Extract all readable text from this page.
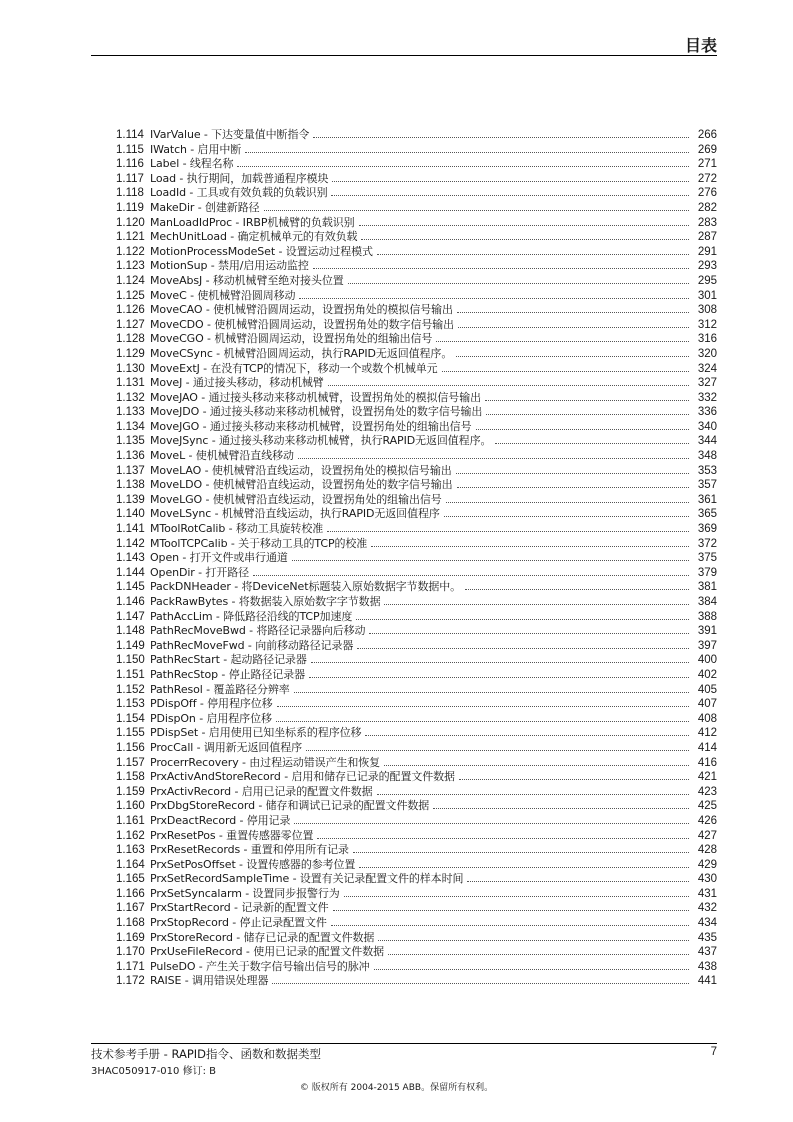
目表
1.114 IVarValue - 下达变量值中断指令	266
1.115 IWatch - 启用中断	269
1.116 Label - 线程名称	271
1.117 Load - 执行期间，加载普通程序模块	272
1.118 LoadId - 工具或有效负载的负载识别	276
1.119 MakeDir - 创建新路径	282
1.120 ManLoadIdProc - IRBP机械臂的负载识别	283
1.121 MechUnitLoad - 确定机械单元的有效负载	287
1.122 MotionProcessModeSet - 设置运动过程模式	291
1.123 MotionSup - 禁用/启用运动监控	293
1.124 MoveAbsJ - 移动机械臂至绝对接头位置	295
1.125 MoveC - 使机械臂沿圆周移动	301
1.126 MoveCAO - 使机械臂沿圆周运动，设置拐角处的模拟信号输出	308
1.127 MoveCDO - 使机械臂沿圆周运动，设置拐角处的数字信号输出	312
1.128 MoveCGO - 机械臂沿圆周运动，设置拐角处的组输出信号	316
1.129 MoveCSync - 机械臂沿圆周运动，执行RAPID无返回值程序。	320
1.130 MoveExtJ - 在没有TCP的情况下，移动一个或数个机械单元	324
1.131 MoveJ - 通过接头移动，移动机械臂	327
1.132 MoveJAO - 通过接头移动来移动机械臂，设置拐角处的模拟信号输出	332
1.133 MoveJDO - 通过接头移动来移动机械臂，设置拐角处的数字信号输出	336
1.134 MoveJGO - 通过接头移动来移动机械臂，设置拐角处的组输出信号	340
1.135 MoveJSync - 通过接头移动来移动机械臂，执行RAPID无返回值程序。	344
1.136 MoveL - 使机械臂沿直线移动	348
1.137 MoveLAO - 使机械臂沿直线运动，设置拐角处的模拟信号输出	353
1.138 MoveLDO - 使机械臂沿直线运动，设置拐角处的数字信号输出	357
1.139 MoveLGO - 使机械臂沿直线运动，设置拐角处的组输出信号	361
1.140 MoveLSync - 机械臂沿直线运动，执行RAPID无返回值程序	365
1.141 MToolRotCalib - 移动工具旋转校准	369
1.142 MToolTCPCalib - 关于移动工具的TCP的校准	372
1.143 Open - 打开文件或串行通道	375
1.144 OpenDir - 打开路径	379
1.145 PackDNHeader - 将DeviceNet标题装入原始数据字节数据中。	381
1.146 PackRawBytes - 将数据装入原始数字字节数据	384
1.147 PathAccLim - 降低路径沿线的TCP加速度	388
1.148 PathRecMoveBwd - 将路径记录器向后移动	391
1.149 PathRecMoveFwd - 向前移动路径记录器	397
1.150 PathRecStart - 起动路径记录器	400
1.151 PathRecStop - 停止路径记录器	402
1.152 PathResol - 覆盖路径分辨率	405
1.153 PDispOff - 停用程序位移	407
1.154 PDispOn - 启用程序位移	408
1.155 PDispSet - 启用使用已知坐标系的程序位移	412
1.156 ProcCall - 调用新无返回值程序	414
1.157 ProcerrRecovery - 由过程运动错误产生和恢复	416
1.158 PrxActivAndStoreRecord - 启用和储存已记录的配置文件数据	421
1.159 PrxActivRecord - 启用已记录的配置文件数据	423
1.160 PrxDbgStoreRecord - 储存和调试已记录的配置文件数据	425
1.161 PrxDeactRecord - 停用记录	426
1.162 PrxResetPos - 重置传感器零位置	427
1.163 PrxResetRecords - 重置和停用所有记录	428
1.164 PrxSetPosOffset - 设置传感器的参考位置	429
1.165 PrxSetRecordSampleTime - 设置有关记录配置文件的样本时间	430
1.166 PrxSetSyncalarm - 设置同步报警行为	431
1.167 PrxStartRecord - 记录新的配置文件	432
1.168 PrxStopRecord - 停止记录配置文件	434
1.169 PrxStoreRecord - 储存已记录的配置文件数据	435
1.170 PrxUseFileRecord - 使用已记录的配置文件数据	437
1.171 PulseDO - 产生关于数字信号输出信号的脉冲	438
1.172 RAISE - 调用错误处理器	441
技术参考手册 - RAPID指令、函数和数据类型	7
3HAC050917-010 修订: B
© 版权所有 2004-2015 ABB。保留所有权利。
